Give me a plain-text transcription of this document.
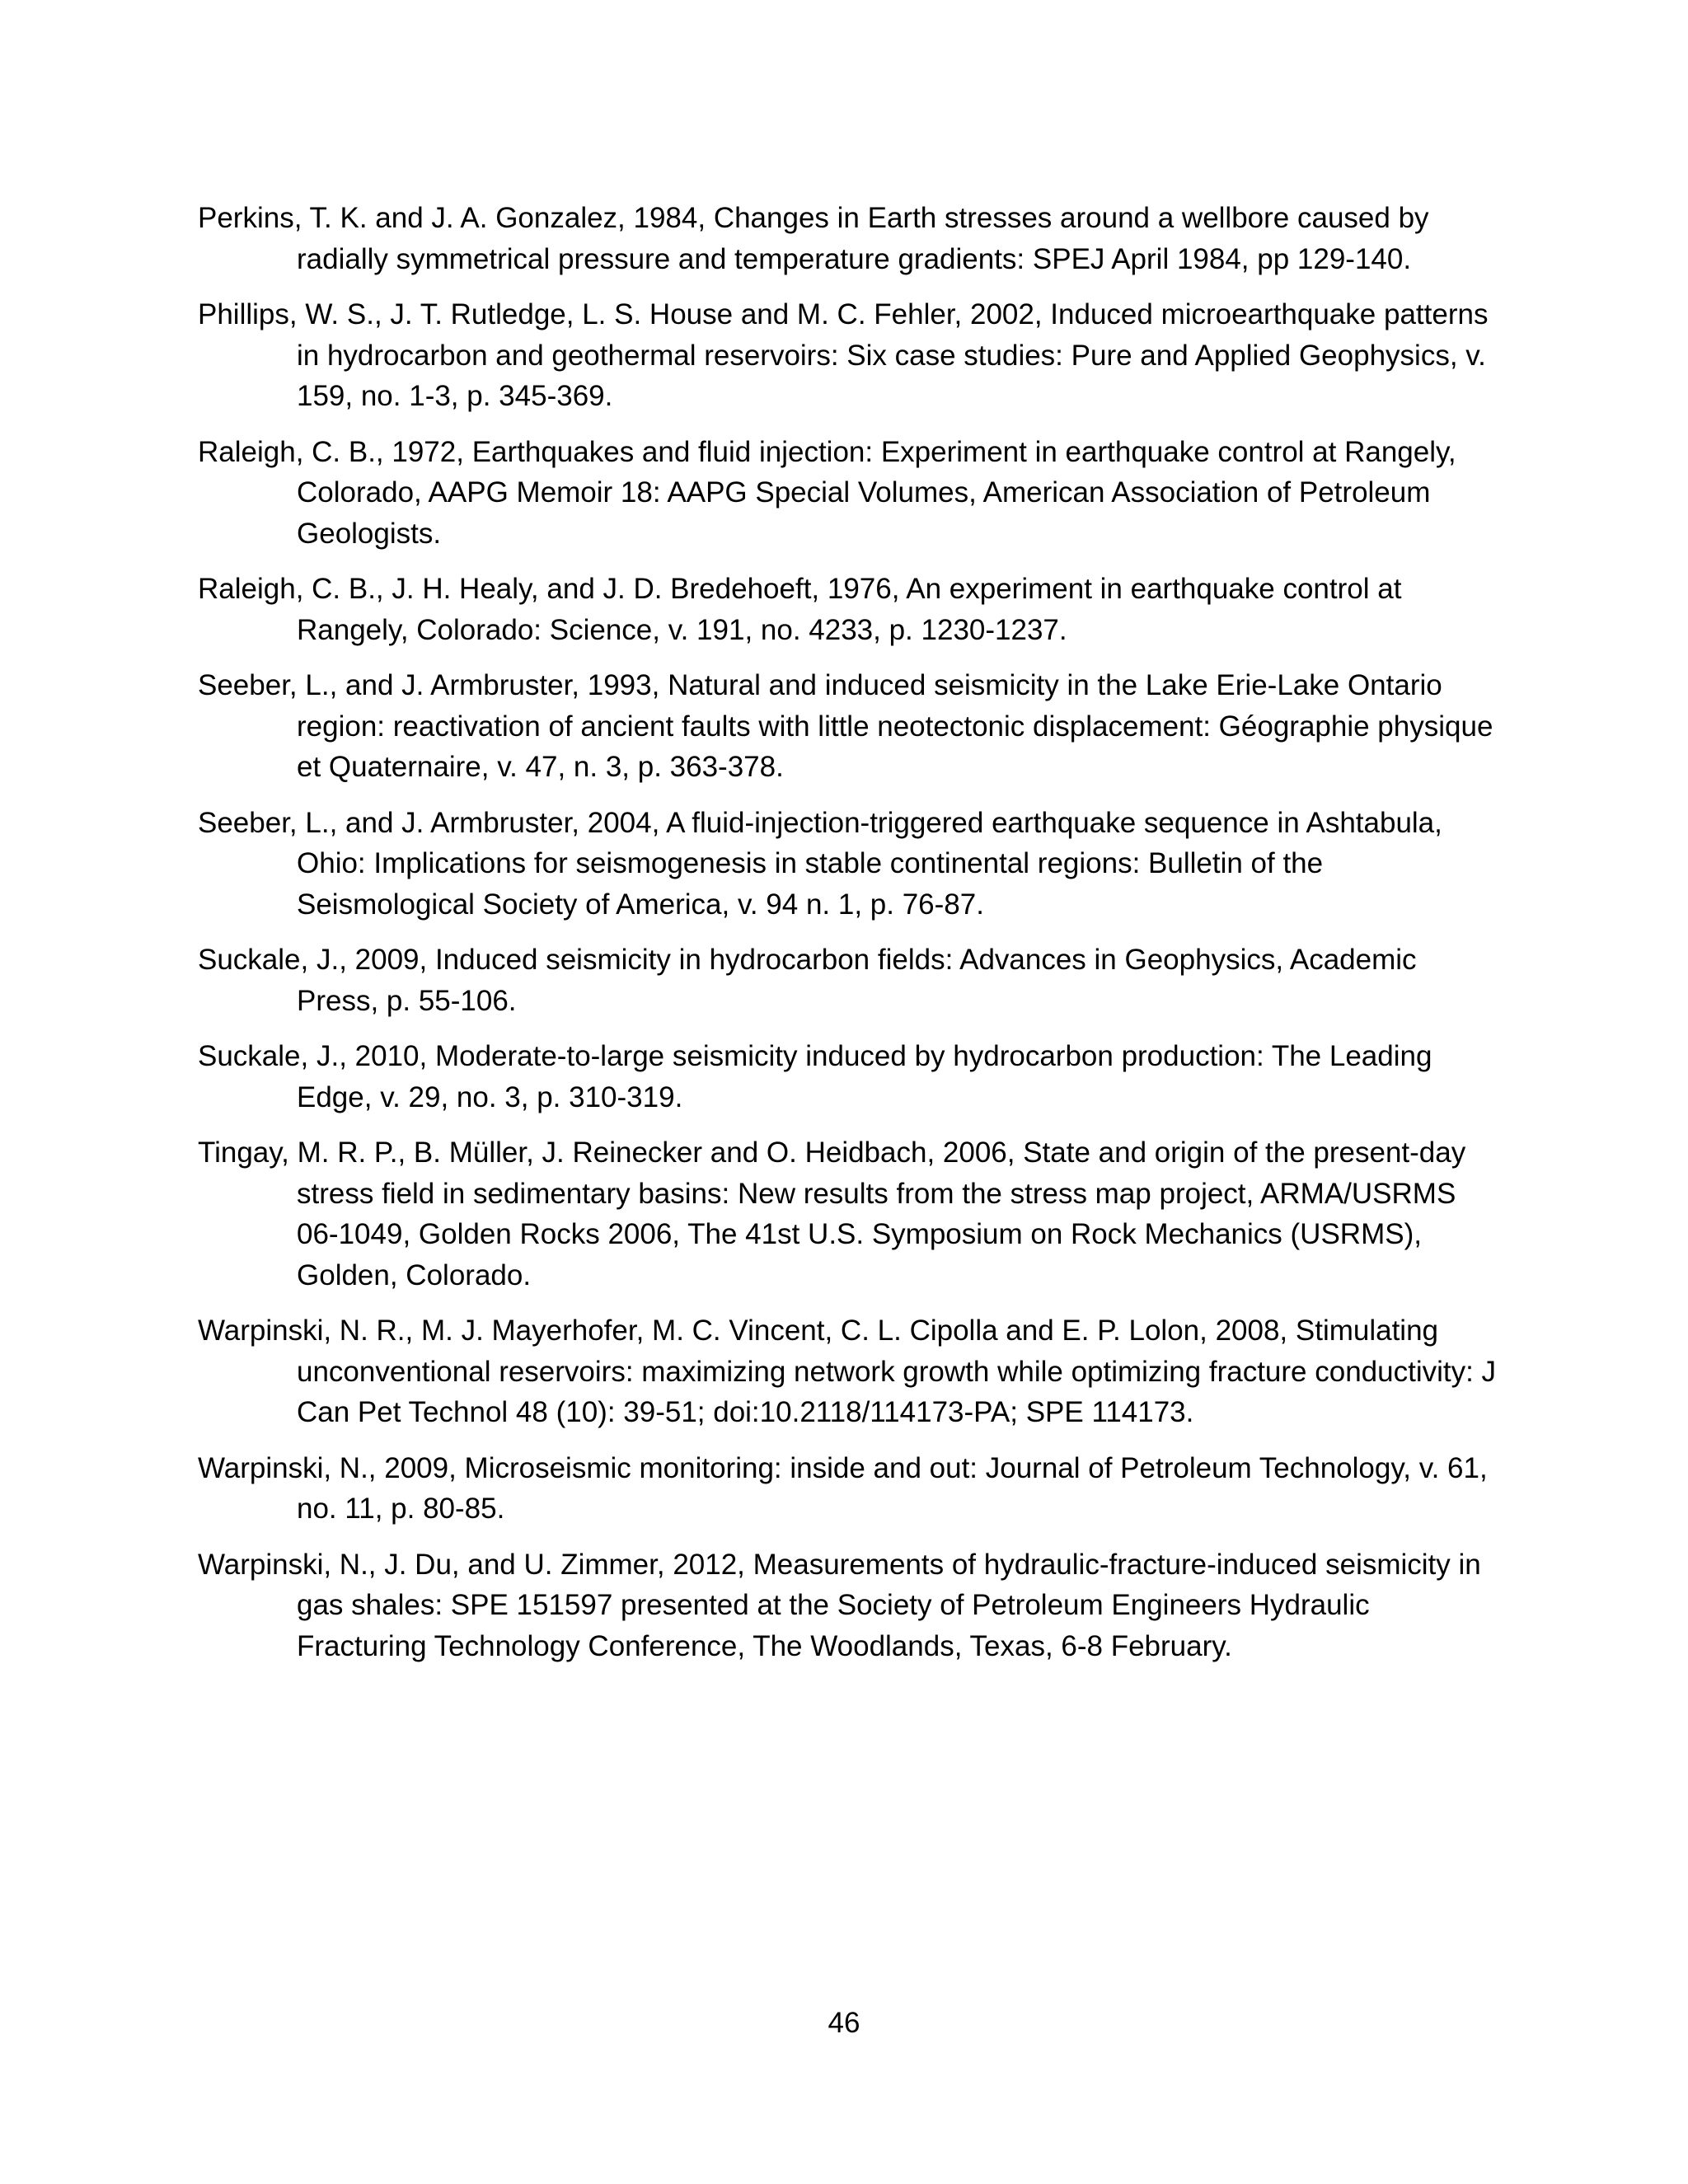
Perkins, T. K. and J. A. Gonzalez, 1984, Changes in Earth stresses around a wellbore caused by radially symmetrical pressure and temperature gradients: SPEJ April 1984, pp 129-140.
Phillips, W. S., J. T. Rutledge, L. S. House and M. C. Fehler, 2002, Induced microearthquake patterns in hydrocarbon and geothermal reservoirs: Six case studies: Pure and Applied Geophysics, v. 159, no. 1-3, p. 345-369.
Raleigh, C. B., 1972, Earthquakes and fluid injection: Experiment in earthquake control at Rangely, Colorado, AAPG Memoir 18: AAPG Special Volumes, American Association of Petroleum Geologists.
Raleigh, C. B., J. H. Healy, and J. D. Bredehoeft, 1976, An experiment in earthquake control at Rangely, Colorado: Science, v. 191, no. 4233, p. 1230-1237.
Seeber, L., and J. Armbruster, 1993, Natural and induced seismicity in the Lake Erie-Lake Ontario region: reactivation of ancient faults with little neotectonic displacement: Géographie physique et Quaternaire, v. 47, n. 3, p. 363-378.
Seeber, L., and J. Armbruster, 2004, A fluid-injection-triggered earthquake sequence in Ashtabula, Ohio: Implications for seismogenesis in stable continental regions: Bulletin of the Seismological Society of America, v. 94 n. 1, p. 76-87.
Suckale, J., 2009, Induced seismicity in hydrocarbon fields: Advances in Geophysics, Academic Press, p. 55-106.
Suckale, J., 2010, Moderate-to-large seismicity induced by hydrocarbon production: The Leading Edge, v. 29, no. 3, p. 310-319.
Tingay, M. R. P., B. Müller, J. Reinecker and O. Heidbach, 2006, State and origin of the present-day stress field in sedimentary basins: New results from the stress map project, ARMA/USRMS 06-1049, Golden Rocks 2006, The 41st U.S. Symposium on Rock Mechanics (USRMS), Golden, Colorado.
Warpinski, N. R., M. J. Mayerhofer, M. C. Vincent, C. L. Cipolla and E. P. Lolon, 2008, Stimulating unconventional reservoirs: maximizing network growth while optimizing fracture conductivity: J Can Pet Technol 48 (10): 39-51; doi:10.2118/114173-PA; SPE 114173.
Warpinski, N., 2009, Microseismic monitoring: inside and out: Journal of Petroleum Technology, v. 61, no. 11, p. 80-85.
Warpinski, N., J. Du, and U. Zimmer, 2012, Measurements of hydraulic-fracture-induced seismicity in gas shales: SPE 151597 presented at the Society of Petroleum Engineers Hydraulic Fracturing Technology Conference, The Woodlands, Texas, 6-8 February.
46
